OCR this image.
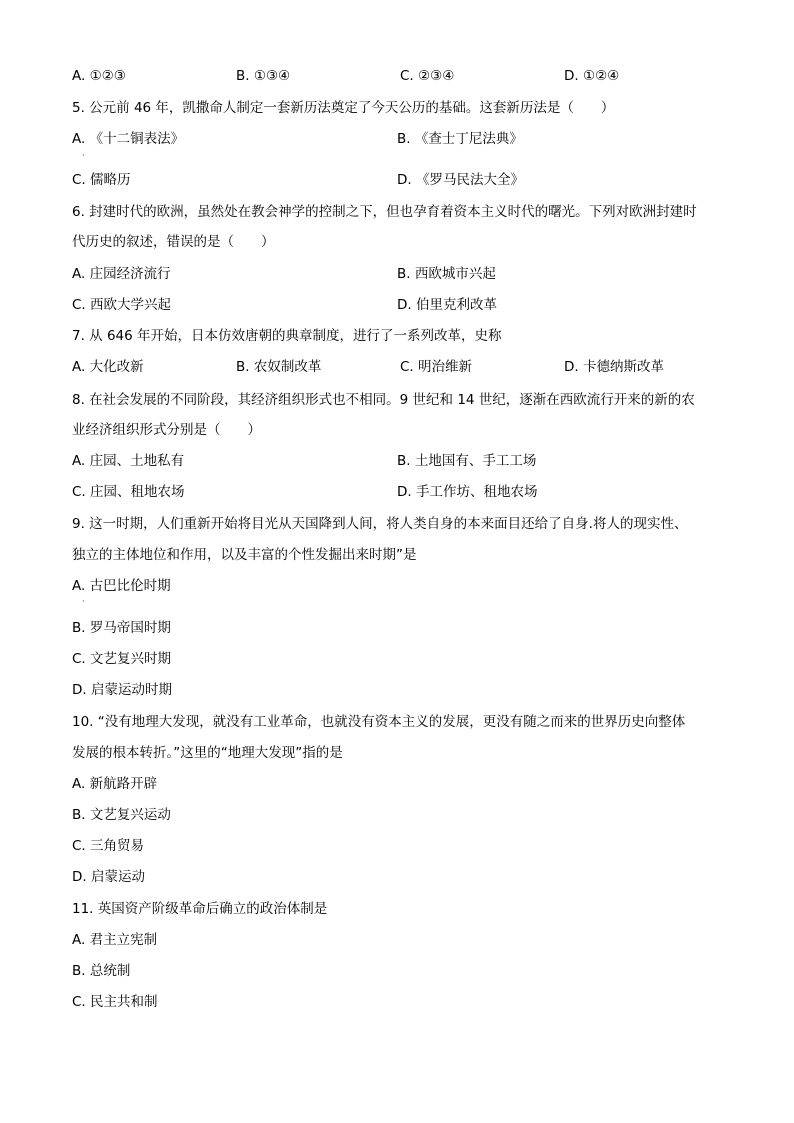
A. ①②③	B. ①③④	C. ②③④	D. ①②④
5. 公元前 46 年，凯撒命人制定一套新历法奠定了今天公历的基础。这套新历法是（　　）
A. 《十二铜表法》	B. 《查士丁尼法典》
·
C. 儒略历	D. 《罗马民法大全》
6. 封建时代的欧洲，虽然处在教会神学的控制之下，但也孕育着资本主义时代的曙光。下列对欧洲封建时
代历史的叙述，错误的是（　　）
A. 庄园经济流行	B. 西欧城市兴起
C. 西欧大学兴起	D. 伯里克利改革
7. 从 646 年开始，日本仿效唐朝的典章制度，进行了一系列改革，史称
A. 大化改新	B. 农奴制改革	C. 明治维新	D. 卡德纳斯改革
8. 在社会发展的不同阶段，其经济组织形式也不相同。9 世纪和 14 世纪，逐渐在西欧流行开来的新的农
业经济组织形式分别是（　　）
A. 庄园、土地私有	B. 土地国有、手工工场
C. 庄园、租地农场	D. 手工作坊、租地农场
9. 这一时期，人们重新开始将目光从天国降到人间，将人类自身的本来面目还给了自身.将人的现实性、
独立的主体地位和作用，以及丰富的个性发掘出来时期”是
A. 古巴比伦时期
·
B. 罗马帝国时期
C. 文艺复兴时期
D. 启蒙运动时期
10. “没有地理大发现，就没有工业革命，也就没有资本主义的发展，更没有随之而来的世界历史向整体
发展的根本转折。”这里的“地理大发现”指的是
A. 新航路开辟
B. 文艺复兴运动
C. 三角贸易
D. 启蒙运动
11. 英国资产阶级革命后确立的政治体制是
A. 君主立宪制
B. 总统制
C. 民主共和制
